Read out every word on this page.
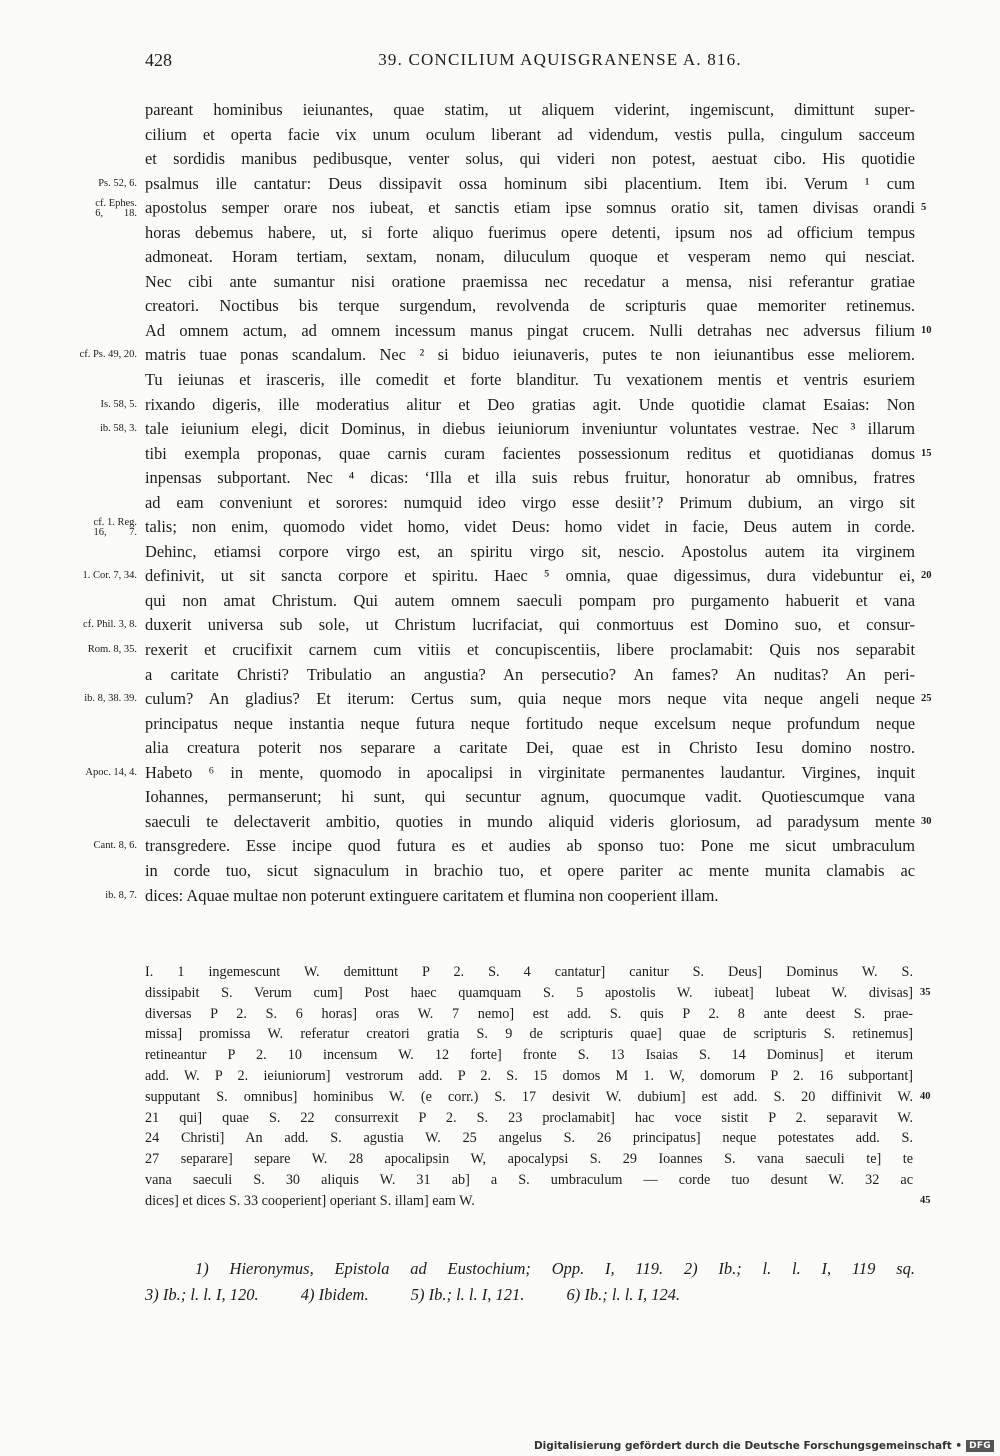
428	39. CONCILIUM AQUISGRANENSE A. 816.
pareant hominibus ieiunantes, quae statim, ut aliquem viderint, ingemiscunt, dimittunt super-
cilium et operta facie vix unum oculum liberant ad videndum, vestis pulla, cingulum sacceum
et sordidis manibus pedibusque, venter solus, qui videri non potest, aestuat cibo. His quotidie
psalmus ille cantatur: Deus dissipavit ossa hominum sibi placentium. Item ibi. Verum ¹ cum
Ps. 52, 6.
apostolus semper orare nos iubeat, et sanctis etiam ipse somnus oratio sit, tamen divisas orandi
cf. Ephes.
6, 18.
5
horas debemus habere, ut, si forte aliquo fuerimus opere detenti, ipsum nos ad officium tempus
admoneat. Horam tertiam, sextam, nonam, diluculum quoque et vesperam nemo qui nesciat.
Nec cibi ante sumantur nisi oratione praemissa nec recedatur a mensa, nisi referantur gratiae
creatori. Noctibus bis terque surgendum, revolvenda de scripturis quae memoriter retinemus.
Ad omnem actum, ad omnem incessum manus pingat crucem. Nulli detrahas nec adversus filium 10
matris tuae ponas scandalum. Nec ² si biduo ieiunaveris, putes te non ieiunantibus esse meliorem.
cf. Ps. 49, 20.
Tu ieiunas et irasceris, ille comedit et forte blanditur. Tu vexationem mentis et ventris esuriem
rixando digeris, ille moderatius alitur et Deo gratias agit. Unde quotidie clamat Esaias: Non
Is. 58, 5.
tale ieiunium elegi, dicit Dominus, in diebus ieiuniorum inveniuntur voluntates vestrae. Nec ³ illarum
ib. 58, 3.
tibi exempla proponas, quae carnis curam facientes possessionum reditus et quotidianas domus 15
inpensas subportant. Nec ⁴ dicas: ‘Illa et illa suis rebus fruitur, honoratur ab omnibus, fratres
ad eam conveniunt et sorores: numquid ideo virgo esse desiit’? Primum dubium, an virgo sit
talis; non enim, quomodo videt homo, videt Deus: homo videt in facie, Deus autem in corde.
cf. 1. Reg.
16, 7.
Dehinc, etiamsi corpore virgo est, an spiritu virgo sit, nescio. Apostolus autem ita virginem
definivit, ut sit sancta corpore et spiritu. Haec ⁵ omnia, quae digessimus, dura videbuntur ei,
1. Cor. 7, 34.	20
qui non amat Christum. Qui autem omnem saeculi pompam pro purgamento habuerit et vana
duxerit universa sub sole, ut Christum lucrifaciat, qui conmortuus est Domino suo, et consur-
cf. Phil. 3, 8.
rexerit et crucifixit carnem cum vitiis et concupiscentiis, libere proclamabit: Quis nos separabit
Rom. 8, 35.
a caritate Christi? Tribulatio an angustia? An persecutio? An fames? An nuditas? An peri-
culum? An gladius? Et iterum: Certus sum, quia neque mors neque vita neque angeli neque
ib. 8, 38. 39.	25
principatus neque instantia neque futura neque fortitudo neque excelsum neque profundum neque
alia creatura poterit nos separare a caritate Dei, quae est in Christo Iesu domino nostro.
Habeto ⁶ in mente, quomodo in apocalipsi in virginitate permanentes laudantur. Virgines, inquit
Apoc. 14, 4.
Iohannes, permanserunt; hi sunt, qui secuntur agnum, quocumque vadit. Quotiescumque vana
saeculi te delectaverit ambitio, quoties in mundo aliquid videris gloriosum, ad paradysum mente 30
transgredere. Esse incipe quod futura es et audies ab sponso tuo: Pone me sicut umbraculum
Cant. 8, 6.
in corde tuo, sicut signaculum in brachio tuo, et opere pariter ac mente munita clamabis ac
dices: Aquae multae non poterunt extinguere caritatem et flumina non cooperient illam.
ib. 8, 7.
I. 1 ingemescunt W. demittunt P 2. S. 4 cantatur] canitur S. Deus] Dominus W. S.
dissipabit S. Verum cum] Post haec quamquam S. 5 apostolis W. iubeat] lubeat W. divisas] 35
diversas P 2. S. 6 horas] oras W. 7 nemo] est add. S. quis P 2. 8 ante deest S. prae-
missa] promissa W. referatur creatori gratia S. 9 de scripturis quae] quae de scripturis S. retinemus]
retineantur P 2. 10 incensum W. 12 forte] fronte S. 13 Isaias S. 14 Dominus] et iterum
add. W. P 2. ieiuniorum] vestrorum add. P 2. S. 15 domos M 1. W, domorum P 2. 16 subportant]
supputant S. omnibus] hominibus W. (e corr.) S. 17 desivit W. dubium] est add. S. 20 diffinivit W. 40
21 qui] quae S. 22 consurrexit P 2. S. 23 proclamabit] hac voce sistit P 2. separavit W.
24 Christi] An add. S. agustia W. 25 angelus S. 26 principatus] neque potestates add. S.
27 separare] separe W. 28 apocalipsin W, apocalypsi S. 29 Ioannes S. vana saeculi te] te
vana saeculi S. 30 aliquis W. 31 ab] a S. umbraculum — corde tuo desunt W. 32 ac
dices] et dices S. 33 cooperient] operiant S. illam] eam W.	45
1) Hieronymus, Epistola ad Eustochium; Opp. I, 119. 2) Ib.; l. l. I, 119 sq.
3) Ib.; l. l. I, 120.	4) Ibidem.	5) Ib.; l. l. I, 121.	6) Ib.; l. l. I, 124.
Digitalisierung gefördert durch die Deutsche Forschungsgemeinschaft • DFG
